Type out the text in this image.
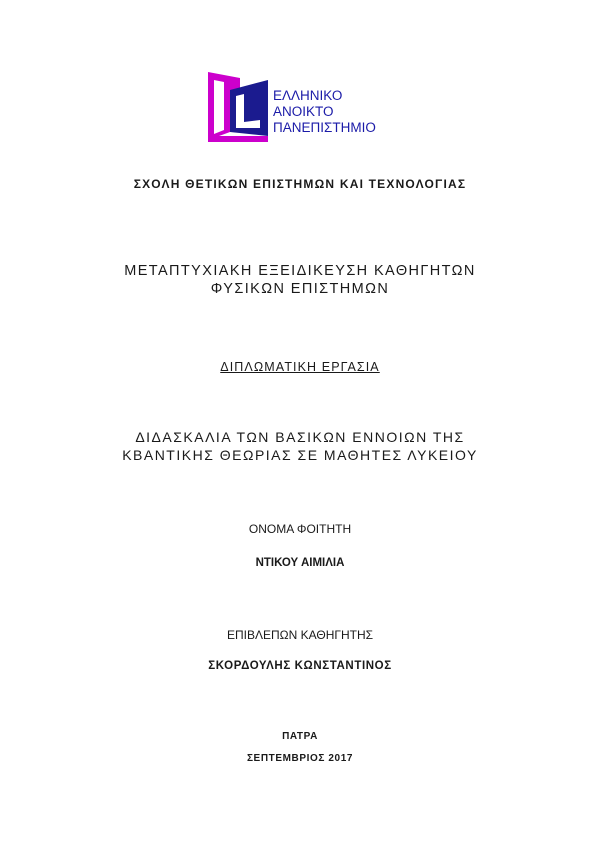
ΕΛΛΗΝΙΚΟ
ΑΝΟΙΚΤΟ
ΠΑΝΕΠΙΣΤΗΜΙΟ
ΣΧΟΛΗ ΘΕΤΙΚΩΝ ΕΠΙΣΤΗΜΩΝ ΚΑΙ ΤΕΧΝΟΛΟΓΙΑΣ
ΜΕΤΑΠΤΥΧΙΑΚΗ ΕΞΕΙΔΙΚΕΥΣΗ ΚΑΘΗΓΗΤΩΝ
ΦΥΣΙΚΩΝ ΕΠΙΣΤΗΜΩΝ
ΔΙΠΛΩΜΑΤΙΚΗ ΕΡΓΑΣΙΑ
ΔΙΔΑΣΚΑΛΙΑ ΤΩΝ ΒΑΣΙΚΩΝ ΕΝΝΟΙΩΝ ΤΗΣ
ΚΒΑΝΤΙΚΗΣ ΘΕΩΡΙΑΣ ΣΕ ΜΑΘΗΤΕΣ ΛΥΚΕΙΟΥ
ΟΝΟΜΑ ΦΟΙΤΗΤΗ
ΝΤΙΚΟΥ ΑΙΜΙΛΙΑ
ΕΠΙΒΛΕΠΩΝ ΚΑΘΗΓΗΤΗΣ
ΣΚΟΡΔΟΥΛΗΣ ΚΩΝΣΤΑΝΤΙΝΟΣ
ΠΑΤΡΑ
ΣΕΠΤΕΜΒΡΙΟΣ 2017
